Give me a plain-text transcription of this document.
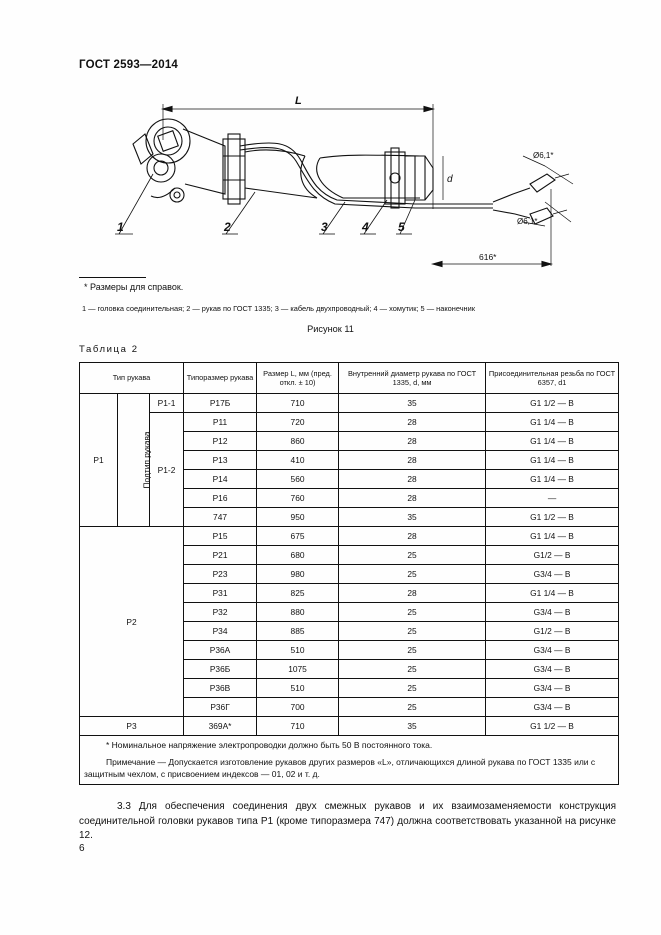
ГОСТ 2593—2014
L
d
Ø6,1*
Ø6,1*
616*
1	2	3	4 5
* Размеры для справок.
1 — головка соединительная; 2 — рукав по ГОСТ 1335; 3 — кабель двухпроводный; 4 — хомутик; 5 — наконечник
Рисунок 11
Таблица 2
Тип рукава			Типоразмер рукава	Размер L, мм (пред. откл. ± 10)	Внутренний диаметр рукава по ГОСТ 1335, d, мм	Присоединительная резьба по ГОСТ 6357, d1
Р1	Подтип рукава	Р1-1	Р17Б	710	35	G1 1/2 — B
		Р1-2	Р11	720	28	G1 1/4 — B
			Р12	860	28	G1 1/4 — B
			Р13	410	28	G1 1/4 — B
			Р14	560	28	G1 1/4 — B
			Р16	760	28	—
			747	950	35	G1 1/2 — B
Р2			Р15	675	28	G1 1/4 — B
			Р21	680	25	G1/2 — B
			Р23	980	25	G3/4 — B
			Р31	825	28	G1 1/4 — B
			Р32	880	25	G3/4 — B
			Р34	885	25	G1/2 — B
			Р36А	510	25	G3/4 — B
			Р36Б	1075	25	G3/4 — B
			Р36В	510	25	G3/4 — B
			Р36Г	700	25	G3/4 — B
Р3			369А*	710	35	G1 1/2 — B

* Номинальное напряжение электропроводки должно быть 50 В постоянного тока.
Примечание — Допускается изготовление рукавов других размеров «L», отличающихся длиной рукава по ГОСТ 1335 или с защитным чехлом, с присвоением индексов — 01, 02 и т. д.						
3.3 Для обеспечения соединения двух смежных рукавов и их взаимозаменяемости конструкция соединительной головки рукавов типа Р1 (кроме типоразмера 747) должна соответствовать указанной на рисунке 12.
6
